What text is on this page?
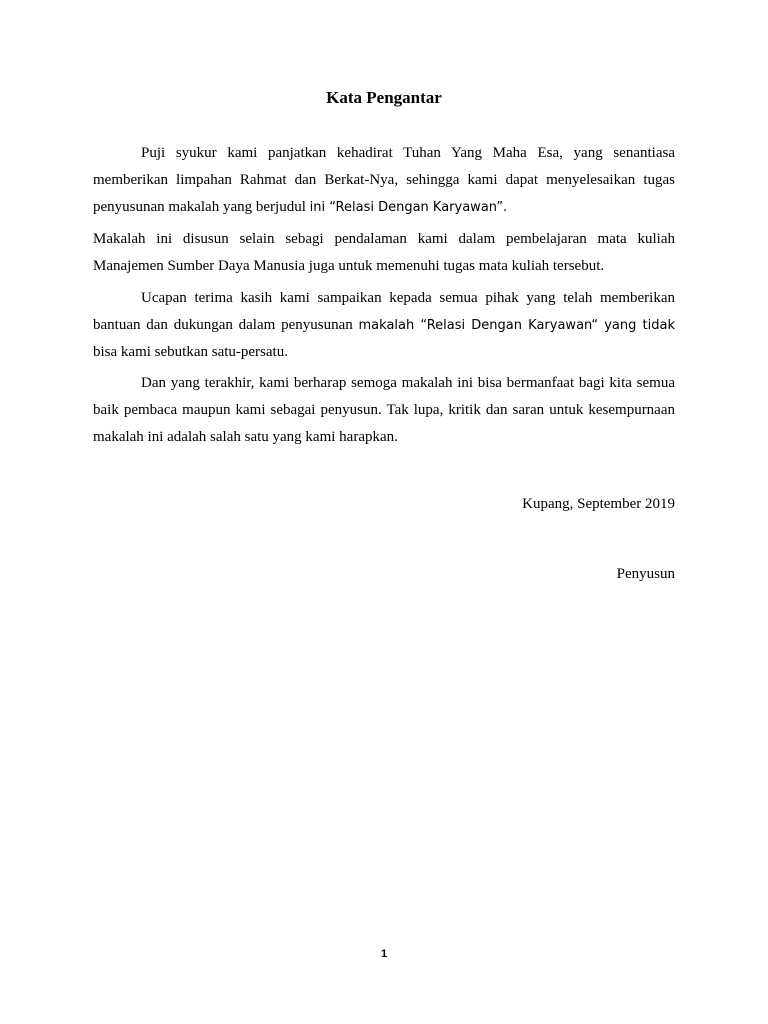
Kata Pengantar

Puji syukur kami panjatkan kehadirat Tuhan Yang Maha Esa, yang senantiasa memberikan limpahan Rahmat dan Berkat-Nya, sehingga kami dapat menyelesaikan tugas penyusunan makalah yang berjudul ini “Relasi Dengan Karyawan”.

Makalah ini disusun selain sebagi pendalaman kami dalam pembelajaran mata kuliah Manajemen Sumber Daya Manusia juga untuk memenuhi tugas mata kuliah tersebut.

Ucapan terima kasih kami sampaikan kepada semua pihak yang telah memberikan bantuan dan dukungan dalam penyusunan makalah “Relasi Dengan Karyawan“ yang tidak bisa kami sebutkan satu-persatu.

Dan yang terakhir, kami berharap semoga makalah ini bisa bermanfaat bagi kita semua baik pembaca maupun kami sebagai penyusun. Tak lupa, kritik dan saran untuk kesempurnaan makalah ini adalah salah satu yang kami harapkan.

Kupang, September 2019
Penyusun
1
